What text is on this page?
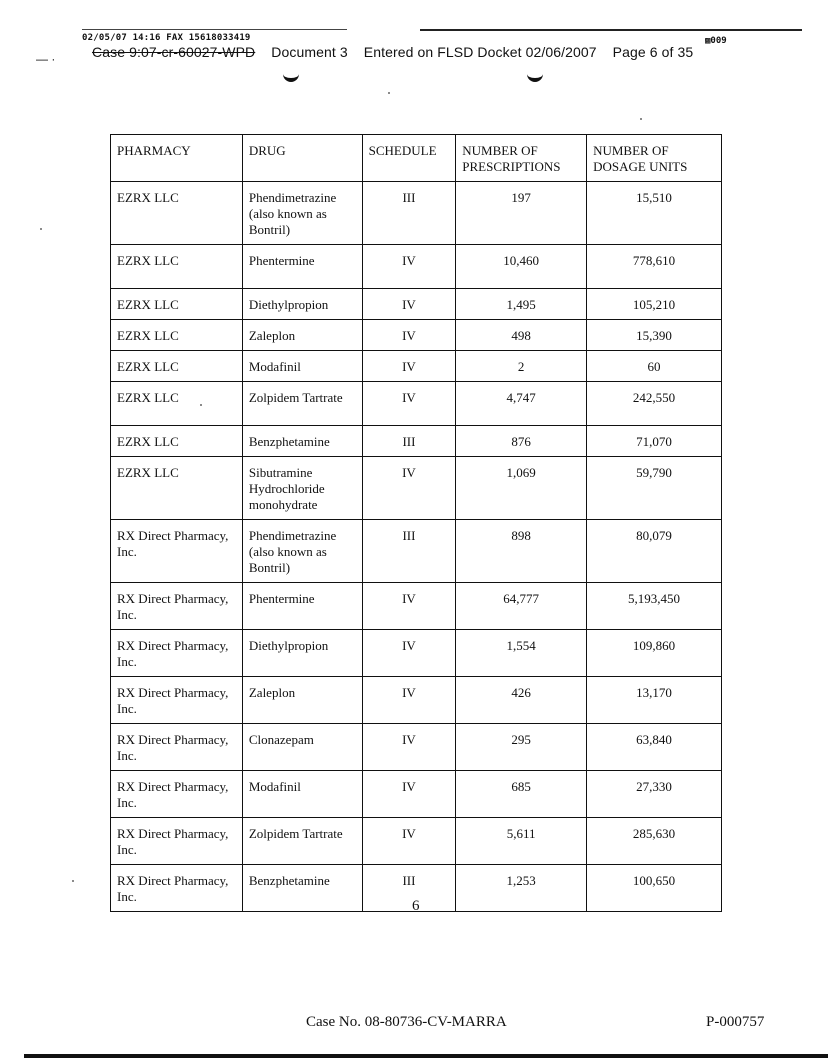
02/05/07 14:16 FAX 15618033419	▩009
— ·	Case 9:07-cr-60027-WPD Document 3 Entered on FLSD Docket 02/06/2007 Page 6 of 35
PHARMACY	DRUG	SCHEDULE	NUMBER OF PRESCRIPTIONS	NUMBER OF DOSAGE UNITS
EZRX LLC	Phendimetrazine (also known as Bontril)	III	197	15,510
EZRX LLC	Phentermine	IV	10,460	778,610
EZRX LLC	Diethylpropion	IV	1,495	105,210
EZRX LLC	Zaleplon	IV	498	15,390
EZRX LLC	Modafinil	IV	2	60
EZRX LLC	Zolpidem Tartrate	IV	4,747	242,550
EZRX LLC	Benzphetamine	III	876	71,070
EZRX LLC	Sibutramine Hydrochloride monohydrate	IV	1,069	59,790
RX Direct Pharmacy, Inc.	Phendimetrazine (also known as Bontril)	III	898	80,079
RX Direct Pharmacy, Inc.	Phentermine	IV	64,777	5,193,450
RX Direct Pharmacy, Inc.	Diethylpropion	IV	1,554	109,860
RX Direct Pharmacy, Inc.	Zaleplon	IV	426	13,170
RX Direct Pharmacy, Inc.	Clonazepam	IV	295	63,840
RX Direct Pharmacy, Inc.	Modafinil	IV	685	27,330
RX Direct Pharmacy, Inc.	Zolpidem Tartrate	IV	5,611	285,630
RX Direct Pharmacy, Inc.	Benzphetamine	III	1,253	100,650
6
Case No. 08-80736-CV-MARRA	P-000757
